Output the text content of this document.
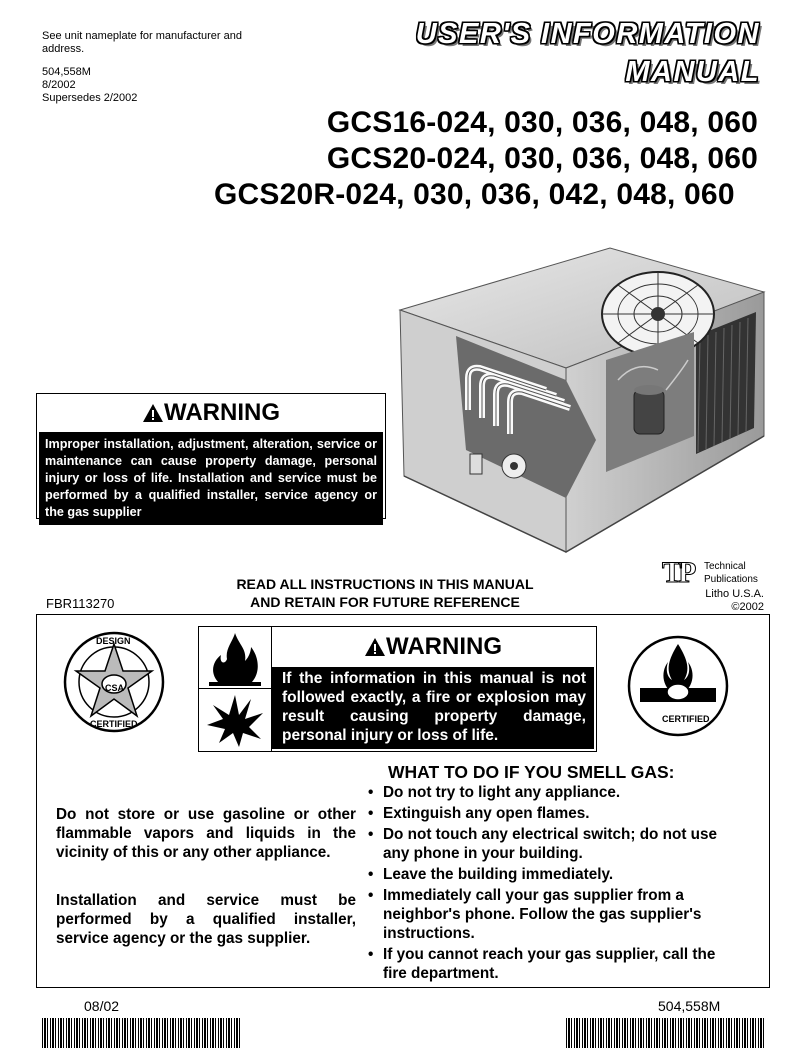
See unit nameplate for manufacturer and address.
504,558M
8/2002
Supersedes 2/2002
USER'S INFORMATION
MANUAL
GCS16-024, 030, 036, 048, 060
GCS20-024, 030, 036, 048, 060
GCS20R-024, 030, 036, 042, 048, 060
WARNING
Improper installation, adjustment, alteration, service or maintenance can cause property damage, personal injury or loss of life. Installation and service must be performed by a qualified installer, service agency or the gas supplier
READ ALL INSTRUCTIONS IN THIS MANUAL
AND RETAIN FOR FUTURE REFERENCE
FBR113270
TP Technical
Publications
Litho U.S.A.
©2002
DESIGN
CERTIFIED
CSA
CERTIFIED
WARNING
If the information in this manual is not followed exactly, a fire or explosion may result causing property damage, personal injury or loss of life.
Do not store or use gasoline or other flammable vapors and liquids in the vicinity of this or any other appliance.
Installation and service must be performed by a qualified installer, service agency or the gas supplier.
WHAT TO DO IF YOU SMELL GAS:
• Do not try to light any appliance.
• Extinguish any open flames.
• Do not touch any electrical switch; do not use any phone in your building.
• Leave the building immediately.
• Immediately call your gas supplier from a neighbor's phone. Follow the gas supplier's instructions.
• If you cannot reach your gas supplier, call the fire department.
08/02	504,558M
